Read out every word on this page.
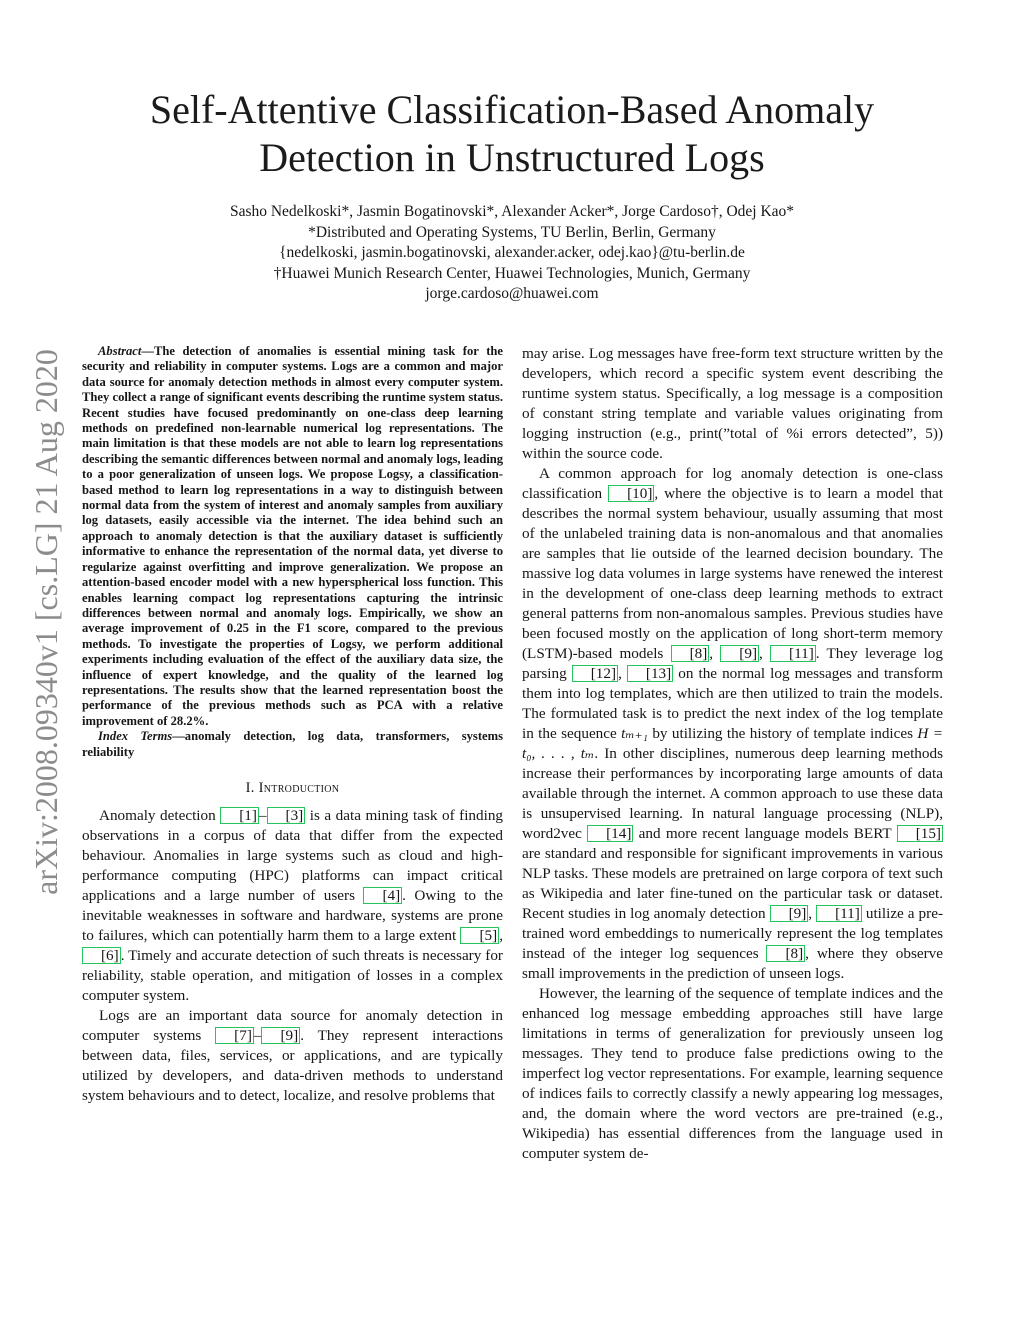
arXiv:2008.09340v1 [cs.LG] 21 Aug 2020
Self-Attentive Classification-Based Anomaly
Detection in Unstructured Logs
Sasho Nedelkoski*, Jasmin Bogatinovski*, Alexander Acker*, Jorge Cardoso†, Odej Kao*
*Distributed and Operating Systems, TU Berlin, Berlin, Germany
{nedelkoski, jasmin.bogatinovski, alexander.acker, odej.kao}@tu-berlin.de
†Huawei Munich Research Center, Huawei Technologies, Munich, Germany
jorge.cardoso@huawei.com

Abstract—The detection of anomalies is essential mining task for the security and reliability in computer systems. Logs are a common and major data source for anomaly detection methods in almost every computer system. They collect a range of significant events describing the runtime system status. Recent studies have focused predominantly on one-class deep learning methods on predefined non-learnable numerical log representations. The main limitation is that these models are not able to learn log representations describing the semantic differences between normal and anomaly logs, leading to a poor generalization of unseen logs. We propose Logsy, a classification-based method to learn log representations in a way to distinguish between normal data from the system of interest and anomaly samples from auxiliary log datasets, easily accessible via the internet. The idea behind such an approach to anomaly detection is that the auxiliary dataset is sufficiently informative to enhance the representation of the normal data, yet diverse to regularize against overfitting and improve generalization. We propose an attention-based encoder model with a new hyperspherical loss function. This enables learning compact log representations capturing the intrinsic differences between normal and anomaly logs. Empirically, we show an average improvement of 0.25 in the F1 score, compared to the previous methods. To investigate the properties of Logsy, we perform additional experiments including evaluation of the effect of the auxiliary data size, the influence of expert knowledge, and the quality of the learned log representations. The results show that the learned representation boost the performance of the previous methods such as PCA with a relative improvement of 28.2%.

Index Terms—anomaly detection, log data, transformers, systems reliability

I. Introduction

Anomaly detection [1] – [3] is a data mining task of finding observations in a corpus of data that differ from the expected behaviour. Anomalies in large systems such as cloud and high-performance computing (HPC) platforms can impact critical applications and a large number of users [4] . Owing to the inevitable weaknesses in software and hardware, systems are prone to failures, which can potentially harm them to a large extent [5] , [6] . Timely and accurate detection of such threats is necessary for reliability, stable operation, and mitigation of losses in a complex computer system.

Logs are an important data source for anomaly detection in computer systems [7] – [9] . They represent interactions between data, files, services, or applications, and are typically utilized by developers, and data-driven methods to understand system behaviours and to detect, localize, and resolve problems that

may arise. Log messages have free-form text structure written by the developers, which record a specific system event describing the runtime system status. Specifically, a log message is a composition of constant string template and variable values originating from logging instruction (e.g., print(”total of %i errors detected”, 5)) within the source code.

A common approach for log anomaly detection is one-class classification [10] , where the objective is to learn a model that describes the normal system behaviour, usually assuming that most of the unlabeled training data is non-anomalous and that anomalies are samples that lie outside of the learned decision boundary. The massive log data volumes in large systems have renewed the interest in the development of one-class deep learning methods to extract general patterns from non-anomalous samples. Previous studies have been focused mostly on the application of long short-term memory (LSTM)-based models [8] , [9] , [11] . They leverage log parsing [12] , [13] on the normal log messages and transform them into log templates, which are then utilized to train the models. The formulated task is to predict the next index of the log template in the sequence tₘ₊₁ by utilizing the history of template indices H = t₀, . . . , tₘ. In other disciplines, numerous deep learning methods increase their performances by incorporating large amounts of data available through the internet. A common approach to use these data is unsupervised learning. In natural language processing (NLP), word2vec [14] and more recent language models BERT [15] are standard and responsible for significant improvements in various NLP tasks. These models are pretrained on large corpora of text such as Wikipedia and later fine-tuned on the particular task or dataset. Recent studies in log anomaly detection [9] , [11] utilize a pre-trained word embeddings to numerically represent the log templates instead of the integer log sequences [8] , where they observe small improvements in the prediction of unseen logs.

However, the learning of the sequence of template indices and the enhanced log message embedding approaches still have large limitations in terms of generalization for previously unseen log messages. They tend to produce false predictions owing to the imperfect log vector representations. For example, learning sequence of indices fails to correctly classify a newly appearing log messages, and, the domain where the word vectors are pre-trained (e.g., Wikipedia) has essential differences from the language used in computer system de-
